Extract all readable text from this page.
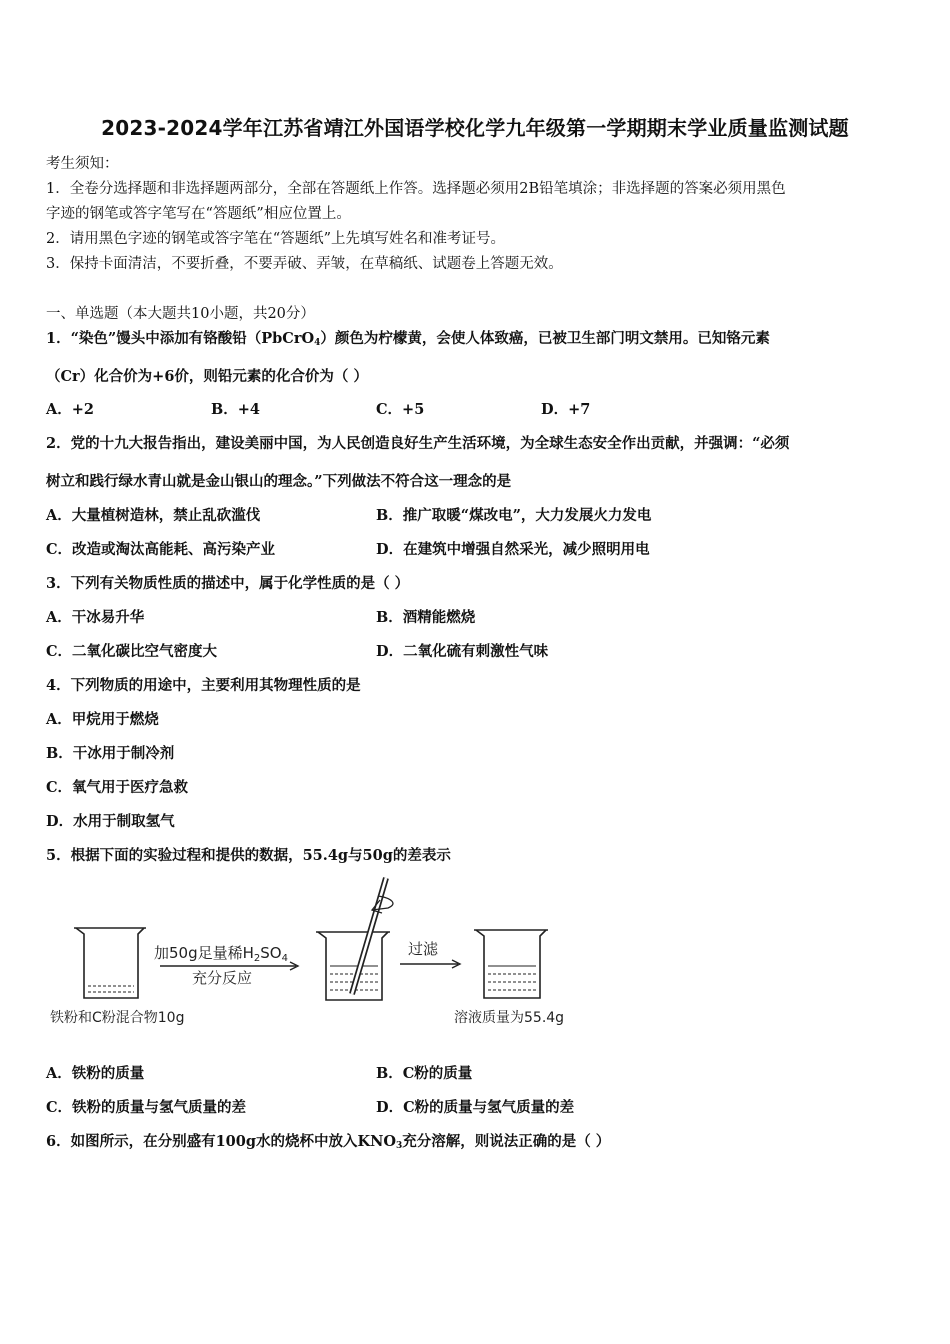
2023-2024学年江苏省靖江外国语学校化学九年级第一学期期末学业质量监测试题
考生须知：
1．全卷分选择题和非选择题两部分，全部在答题纸上作答。选择题必须用2B铅笔填涂；非选择题的答案必须用黑色
字迹的钢笔或答字笔写在“答题纸”相应位置上。
2．请用黑色字迹的钢笔或答字笔在“答题纸”上先填写姓名和准考证号。
3．保持卡面清洁，不要折叠，不要弄破、弄皱，在草稿纸、试题卷上答题无效。
一、单选题（本大题共10小题，共20分）
1．“染色”馒头中添加有铬酸铅（PbCrO$_4$）颜色为柠檬黄，会使人体致癌，已被卫生部门明文禁用。已知铬元素
（Cr）化合价为+6价，则铅元素的化合价为（ ）
A．+2	B．+4	C．+5	D．+7
2．党的十九大报告指出，建设美丽中国，为人民创造良好生产生活环境，为全球生态安全作出贡献，并强调：“必须
树立和践行绿水青山就是金山银山的理念。”下列做法不符合这一理念的是
A．大量植树造林，禁止乱砍滥伐	B．推广取暖“煤改电”，大力发展火力发电
C．改造或淘汰高能耗、高污染产业	D．在建筑中增强自然采光，减少照明用电
3．下列有关物质性质的描述中，属于化学性质的是（ ）
A．干冰易升华	B．酒精能燃烧
C．二氧化碳比空气密度大	D．二氧化硫有刺激性气味
4．下列物质的用途中，主要利用其物理性质的是
A．甲烷用于燃烧
B．干冰用于制冷剂
C．氧气用于医疗急救
D．水用于制取氢气
5．根据下面的实验过程和提供的数据，55.4g与50g的差表示
铁粉和C粉混合物10g
加50g足量稀$H_2SO_4$
充分反应
过滤
溶液质量为55.4g
A．铁粉的质量	B．C粉的质量
C．铁粉的质量与氢气质量的差	D．C粉的质量与氢气质量的差
6．如图所示，在分别盛有100g水的烧杯中放入$KNO_3$充分溶解，则说法正确的是（ ）
